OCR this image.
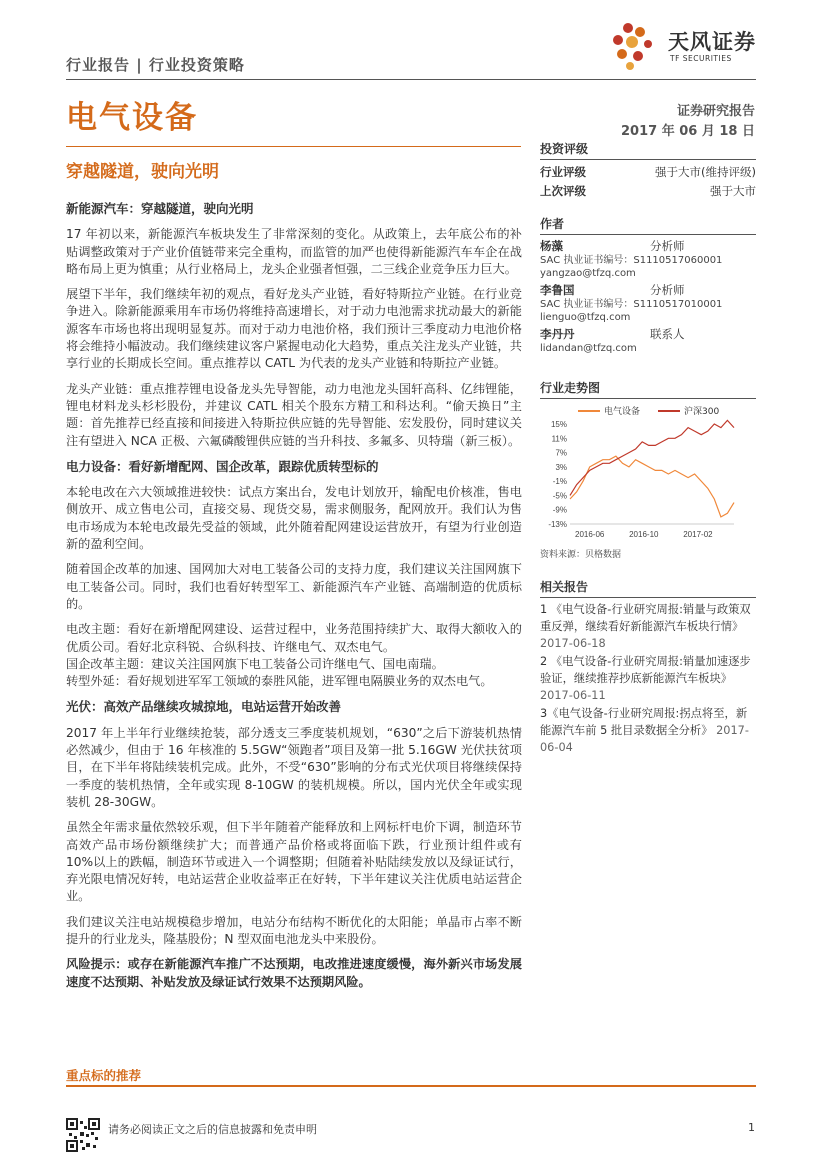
行业报告 | 行业投资策略
天风证券
TF SECURITIES
电气设备	证券研究报告
2017 年 06 月 18 日
穿越隧道，驶向光明
新能源汽车：穿越隧道，驶向光明

17 年初以来，新能源汽车板块发生了非常深刻的变化。从政策上，去年底公布的补贴调整政策对于产业价值链带来完全重构，而监管的加严也使得新能源汽车车企在战略布局上更为慎重；从行业格局上，龙头企业强者恒强，二三线企业竞争压力巨大。

展望下半年，我们继续年初的观点，看好龙头产业链，看好特斯拉产业链。在行业竞争进入。除新能源乘用车市场仍将维持高速增长，对于动力电池需求扰动最大的新能源客车市场也将出现明显复苏。而对于动力电池价格，我们预计三季度动力电池价格将会维持小幅波动。我们继续建议客户紧握电动化大趋势，重点关注龙头产业链，共享行业的长期成长空间。重点推荐以 CATL 为代表的龙头产业链和特斯拉产业链。

龙头产业链：重点推荐锂电设备龙头先导智能，动力电池龙头国轩高科、亿纬锂能，锂电材料龙头杉杉股份，并建议 CATL 相关个股东方精工和科达利。“偷天换日”主题：首先推荐已经直接和间接进入特斯拉供应链的先导智能、宏发股份，同时建议关注有望进入 NCA 正极、六氟磷酸锂供应链的当升科技、多氟多、贝特瑞（新三板）。

电力设备：看好新增配网、国企改革，跟踪优质转型标的

本轮电改在六大领域推进较快：试点方案出台，发电计划放开，输配电价核准，售电侧放开、成立售电公司，直接交易、现货交易，需求侧服务，配网放开。我们认为售电市场成为本轮电改最先受益的领域，此外随着配网建设运营放开，有望为行业创造新的盈利空间。

随着国企改革的加速、国网加大对电工装备公司的支持力度，我们建议关注国网旗下电工装备公司。同时，我们也看好转型军工、新能源汽车产业链、高端制造的优质标的。

电改主题：看好在新增配网建设、运营过程中，业务范围持续扩大、取得大额收入的优质公司。看好北京科锐、合纵科技、许继电气、双杰电气。
国企改革主题：建议关注国网旗下电工装备公司许继电气、国电南瑞。
转型外延：看好规划进军军工领域的泰胜风能，进军锂电隔膜业务的双杰电气。

光伏：高效产品继续攻城掠地，电站运营开始改善

2017 年上半年行业继续抢装，部分透支三季度装机规划，“630”之后下游装机热情必然减少，但由于 16 年核准的 5.5GW“领跑者”项目及第一批 5.16GW 光伏扶贫项目，在下半年将陆续装机完成。此外，不受“630”影响的分布式光伏项目将继续保持一季度的装机热情，全年或实现 8-10GW 的装机规模。所以，国内光伏全年或实现装机 28-30GW。

虽然全年需求量依然较乐观，但下半年随着产能释放和上网标杆电价下调，制造环节高效产品市场份额继续扩大；而普通产品价格或将面临下跌，行业预计组件或有 10%以上的跌幅，制造环节或进入一个调整期；但随着补贴陆续发放以及绿证试行，弃光限电情况好转，电站运营企业收益率正在好转，下半年建议关注优质电站运营企业。

我们建议关注电站规模稳步增加，电站分布结构不断优化的太阳能；单晶市占率不断提升的行业龙头，隆基股份；N 型双面电池龙头中来股份。

风险提示：或存在新能源汽车推广不达预期，电改推进速度缓慢，海外新兴市场发展速度不达预期、补贴发放及绿证试行效果不达预期风险。

投资评级
行业评级	强于大市(维持评级)
上次评级	强于大市
作者
杨藻	分析师
SAC 执业证书编号：S1110517060001
yangzao@tfzq.com
李鲁国	分析师
SAC 执业证书编号：S1110517010001
lienguo@tfzq.com
李丹丹	联系人
lidandan@tfzq.com
行业走势图
15%
11%
7%
3%
-1%
-5%
-9%
-13%
2016-06	2016-10	2017-02
电气设备	沪深300
资料来源：贝格数据
相关报告

1 《电气设备-行业研究周报:销量与政策双重反弹，继续看好新能源汽车板块行情》 2017-06-18

2 《电气设备-行业研究周报:销量加速逐步验证，继续推荐抄底新能源汽车板块》 2017-06-11

3《电气设备-行业研究周报:拐点将至，新能源汽车前 5 批目录数据全分析》 2017-06-04

重点标的推荐
请务必阅读正文之后的信息披露和免责申明	1
